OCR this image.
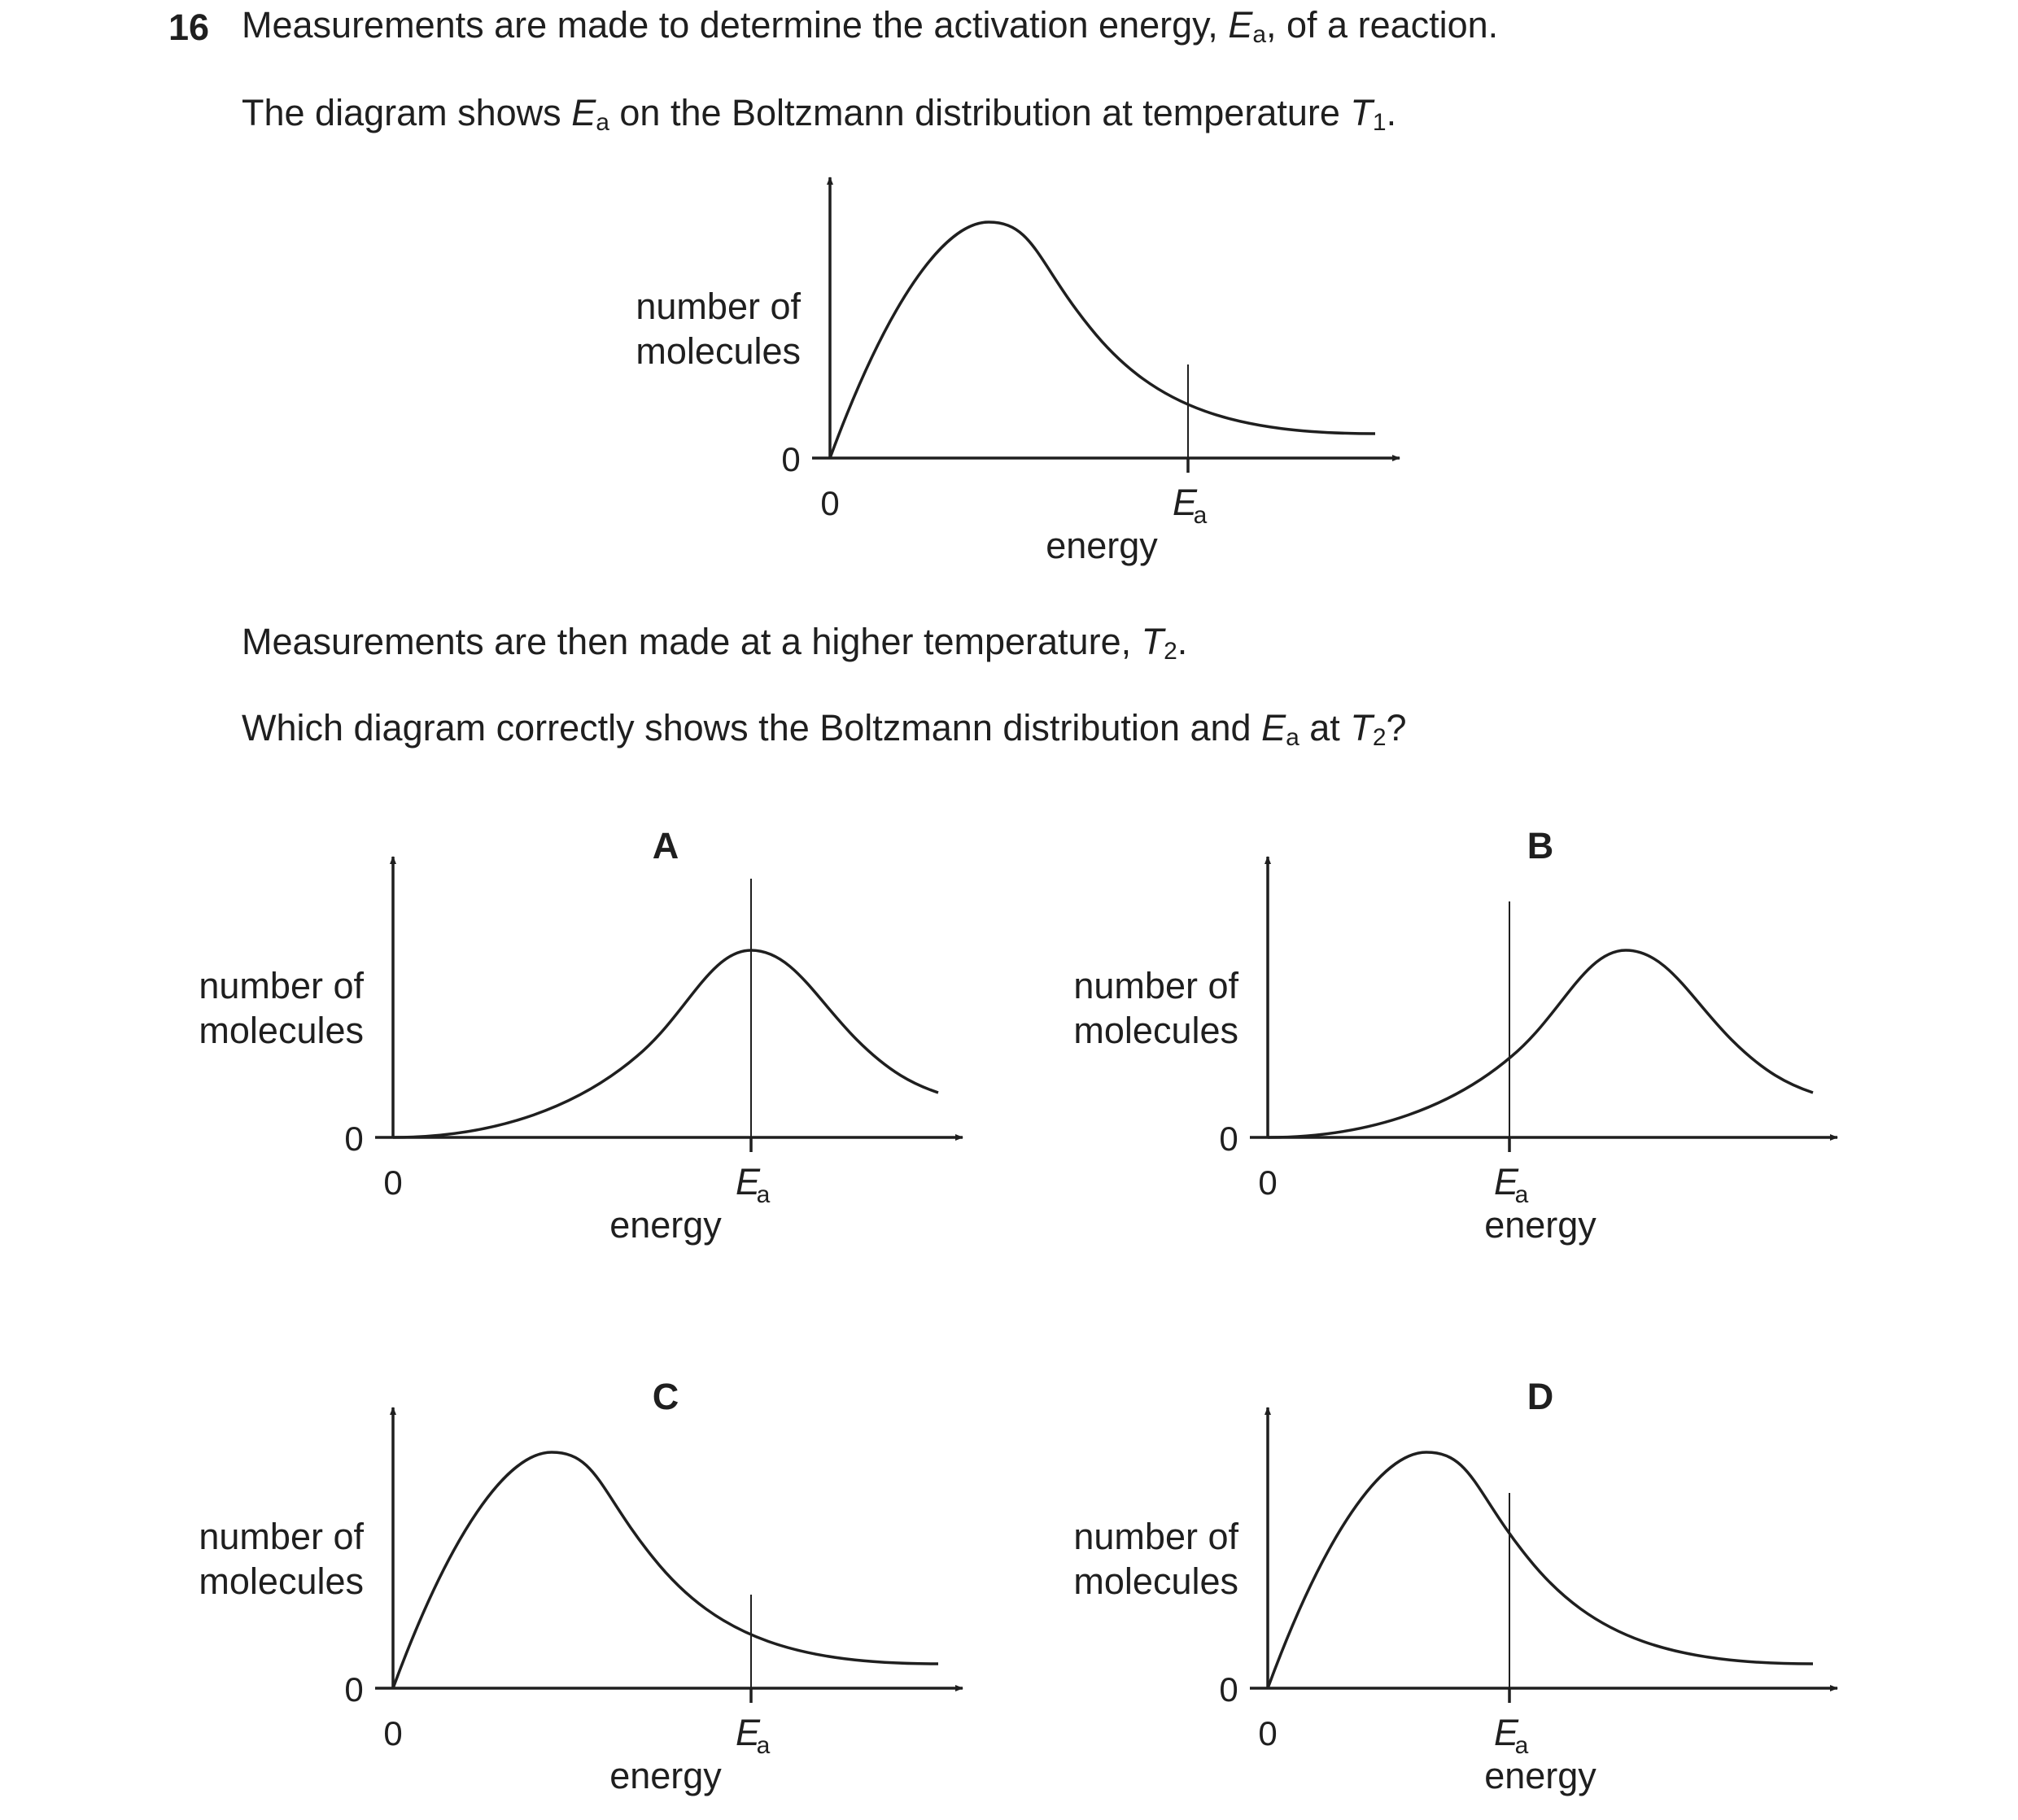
16 Measurements are made to determine the activation energy, $E_a$, of a reaction.
The diagram shows $E_a$ on the Boltzmann distribution at temperature $T_1$.
Measurements are then made at a higher temperature, $T_2$.
Which diagram correctly shows the Boltzmann distribution and $E_a$ at $T_2$?
0
0	E
a
energy
number of
molecules
A
0
0	E
a
energy
number of
molecules
B
0
0	E
a
energy
number of
molecules
C
0
0	E
a
energy
number of
molecules
D
0
0	E
a
energy
number of
molecules
